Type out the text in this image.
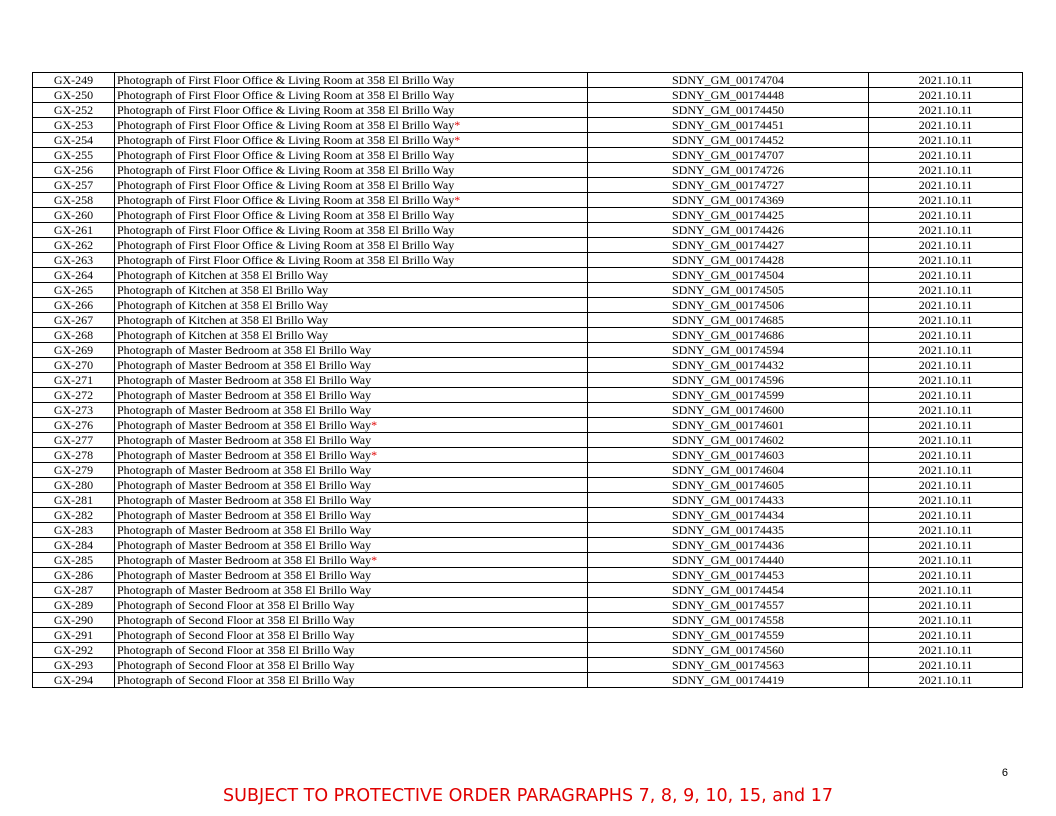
GX-249	Photograph of First Floor Office & Living Room at 358 El Brillo Way	SDNY_GM_00174704	2021.10.11
GX-250	Photograph of First Floor Office & Living Room at 358 El Brillo Way	SDNY_GM_00174448	2021.10.11
GX-252	Photograph of First Floor Office & Living Room at 358 El Brillo Way	SDNY_GM_00174450	2021.10.11
GX-253	Photograph of First Floor Office & Living Room at 358 El Brillo Way*	SDNY_GM_00174451	2021.10.11
GX-254	Photograph of First Floor Office & Living Room at 358 El Brillo Way*	SDNY_GM_00174452	2021.10.11
GX-255	Photograph of First Floor Office & Living Room at 358 El Brillo Way	SDNY_GM_00174707	2021.10.11
GX-256	Photograph of First Floor Office & Living Room at 358 El Brillo Way	SDNY_GM_00174726	2021.10.11
GX-257	Photograph of First Floor Office & Living Room at 358 El Brillo Way	SDNY_GM_00174727	2021.10.11
GX-258	Photograph of First Floor Office & Living Room at 358 El Brillo Way*	SDNY_GM_00174369	2021.10.11
GX-260	Photograph of First Floor Office & Living Room at 358 El Brillo Way	SDNY_GM_00174425	2021.10.11
GX-261	Photograph of First Floor Office & Living Room at 358 El Brillo Way	SDNY_GM_00174426	2021.10.11
GX-262	Photograph of First Floor Office & Living Room at 358 El Brillo Way	SDNY_GM_00174427	2021.10.11
GX-263	Photograph of First Floor Office & Living Room at 358 El Brillo Way	SDNY_GM_00174428	2021.10.11
GX-264	Photograph of Kitchen at 358 El Brillo Way	SDNY_GM_00174504	2021.10.11
GX-265	Photograph of Kitchen at 358 El Brillo Way	SDNY_GM_00174505	2021.10.11
GX-266	Photograph of Kitchen at 358 El Brillo Way	SDNY_GM_00174506	2021.10.11
GX-267	Photograph of Kitchen at 358 El Brillo Way	SDNY_GM_00174685	2021.10.11
GX-268	Photograph of Kitchen at 358 El Brillo Way	SDNY_GM_00174686	2021.10.11
GX-269	Photograph of Master Bedroom at 358 El Brillo Way	SDNY_GM_00174594	2021.10.11
GX-270	Photograph of Master Bedroom at 358 El Brillo Way	SDNY_GM_00174432	2021.10.11
GX-271	Photograph of Master Bedroom at 358 El Brillo Way	SDNY_GM_00174596	2021.10.11
GX-272	Photograph of Master Bedroom at 358 El Brillo Way	SDNY_GM_00174599	2021.10.11
GX-273	Photograph of Master Bedroom at 358 El Brillo Way	SDNY_GM_00174600	2021.10.11
GX-276	Photograph of Master Bedroom at 358 El Brillo Way*	SDNY_GM_00174601	2021.10.11
GX-277	Photograph of Master Bedroom at 358 El Brillo Way	SDNY_GM_00174602	2021.10.11
GX-278	Photograph of Master Bedroom at 358 El Brillo Way*	SDNY_GM_00174603	2021.10.11
GX-279	Photograph of Master Bedroom at 358 El Brillo Way	SDNY_GM_00174604	2021.10.11
GX-280	Photograph of Master Bedroom at 358 El Brillo Way	SDNY_GM_00174605	2021.10.11
GX-281	Photograph of Master Bedroom at 358 El Brillo Way	SDNY_GM_00174433	2021.10.11
GX-282	Photograph of Master Bedroom at 358 El Brillo Way	SDNY_GM_00174434	2021.10.11
GX-283	Photograph of Master Bedroom at 358 El Brillo Way	SDNY_GM_00174435	2021.10.11
GX-284	Photograph of Master Bedroom at 358 El Brillo Way	SDNY_GM_00174436	2021.10.11
GX-285	Photograph of Master Bedroom at 358 El Brillo Way*	SDNY_GM_00174440	2021.10.11
GX-286	Photograph of Master Bedroom at 358 El Brillo Way	SDNY_GM_00174453	2021.10.11
GX-287	Photograph of Master Bedroom at 358 El Brillo Way	SDNY_GM_00174454	2021.10.11
GX-289	Photograph of Second Floor at 358 El Brillo Way	SDNY_GM_00174557	2021.10.11
GX-290	Photograph of Second Floor at 358 El Brillo Way	SDNY_GM_00174558	2021.10.11
GX-291	Photograph of Second Floor at 358 El Brillo Way	SDNY_GM_00174559	2021.10.11
GX-292	Photograph of Second Floor at 358 El Brillo Way	SDNY_GM_00174560	2021.10.11
GX-293	Photograph of Second Floor at 358 El Brillo Way	SDNY_GM_00174563	2021.10.11
GX-294	Photograph of Second Floor at 358 El Brillo Way	SDNY_GM_00174419	2021.10.11
6
SUBJECT TO PROTECTIVE ORDER PARAGRAPHS 7, 8, 9, 10, 15, and 17
